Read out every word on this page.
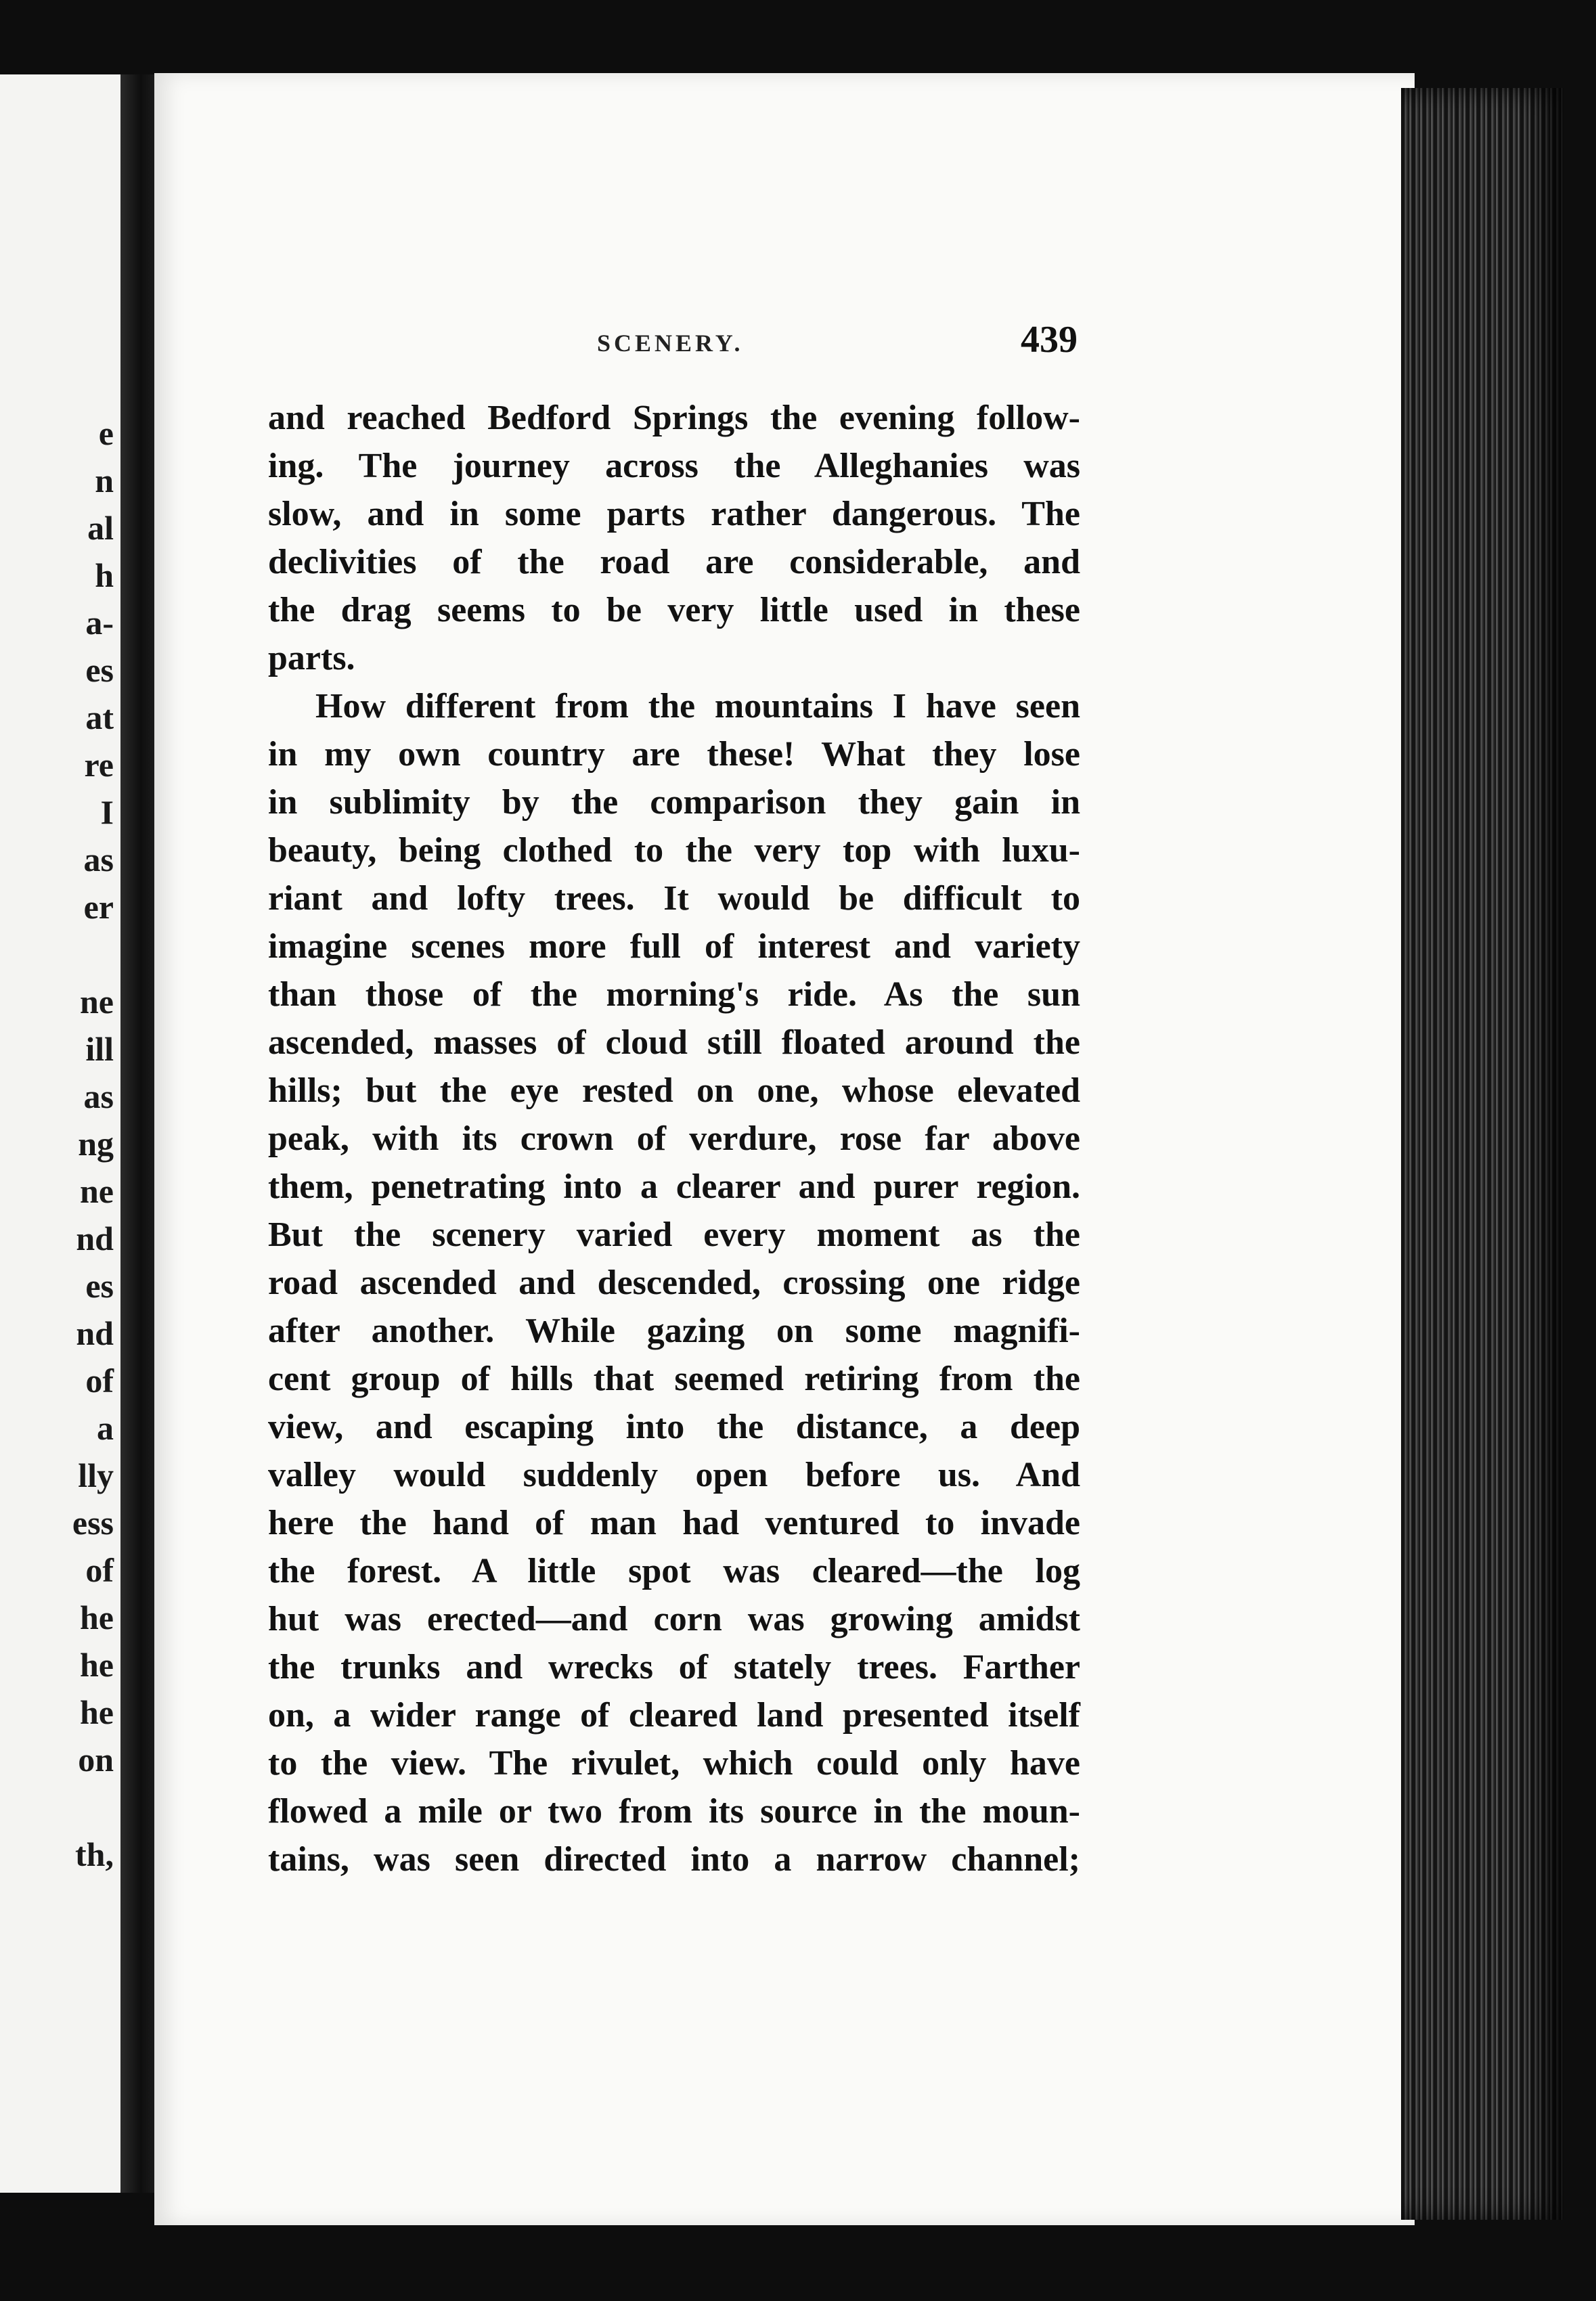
e
n
al
h
a-
es
at
re
I
as
er
ne
ill
as
ng
ne
nd
es
nd
of
a
lly
ess
of
he
he
he
on
th,
SCENERY.	439
and reached Bedford Springs the evening follow-
ing. The journey across the Alleghanies was
slow, and in some parts rather dangerous. The
declivities of the road are considerable, and
the drag seems to be very little used in these
parts.
How different from the mountains I have seen
in my own country are these! What they lose
in sublimity by the comparison they gain in
beauty, being clothed to the very top with luxu-
riant and lofty trees. It would be difficult to
imagine scenes more full of interest and variety
than those of the morning's ride. As the sun
ascended, masses of cloud still floated around the
hills; but the eye rested on one, whose elevated
peak, with its crown of verdure, rose far above
them, penetrating into a clearer and purer region.
But the scenery varied every moment as the
road ascended and descended, crossing one ridge
after another. While gazing on some magnifi-
cent group of hills that seemed retiring from the
view, and escaping into the distance, a deep
valley would suddenly open before us. And
here the hand of man had ventured to invade
the forest. A little spot was cleared—the log
hut was erected—and corn was growing amidst
the trunks and wrecks of stately trees. Farther
on, a wider range of cleared land presented itself
to the view. The rivulet, which could only have
flowed a mile or two from its source in the moun-
tains, was seen directed into a narrow channel;
